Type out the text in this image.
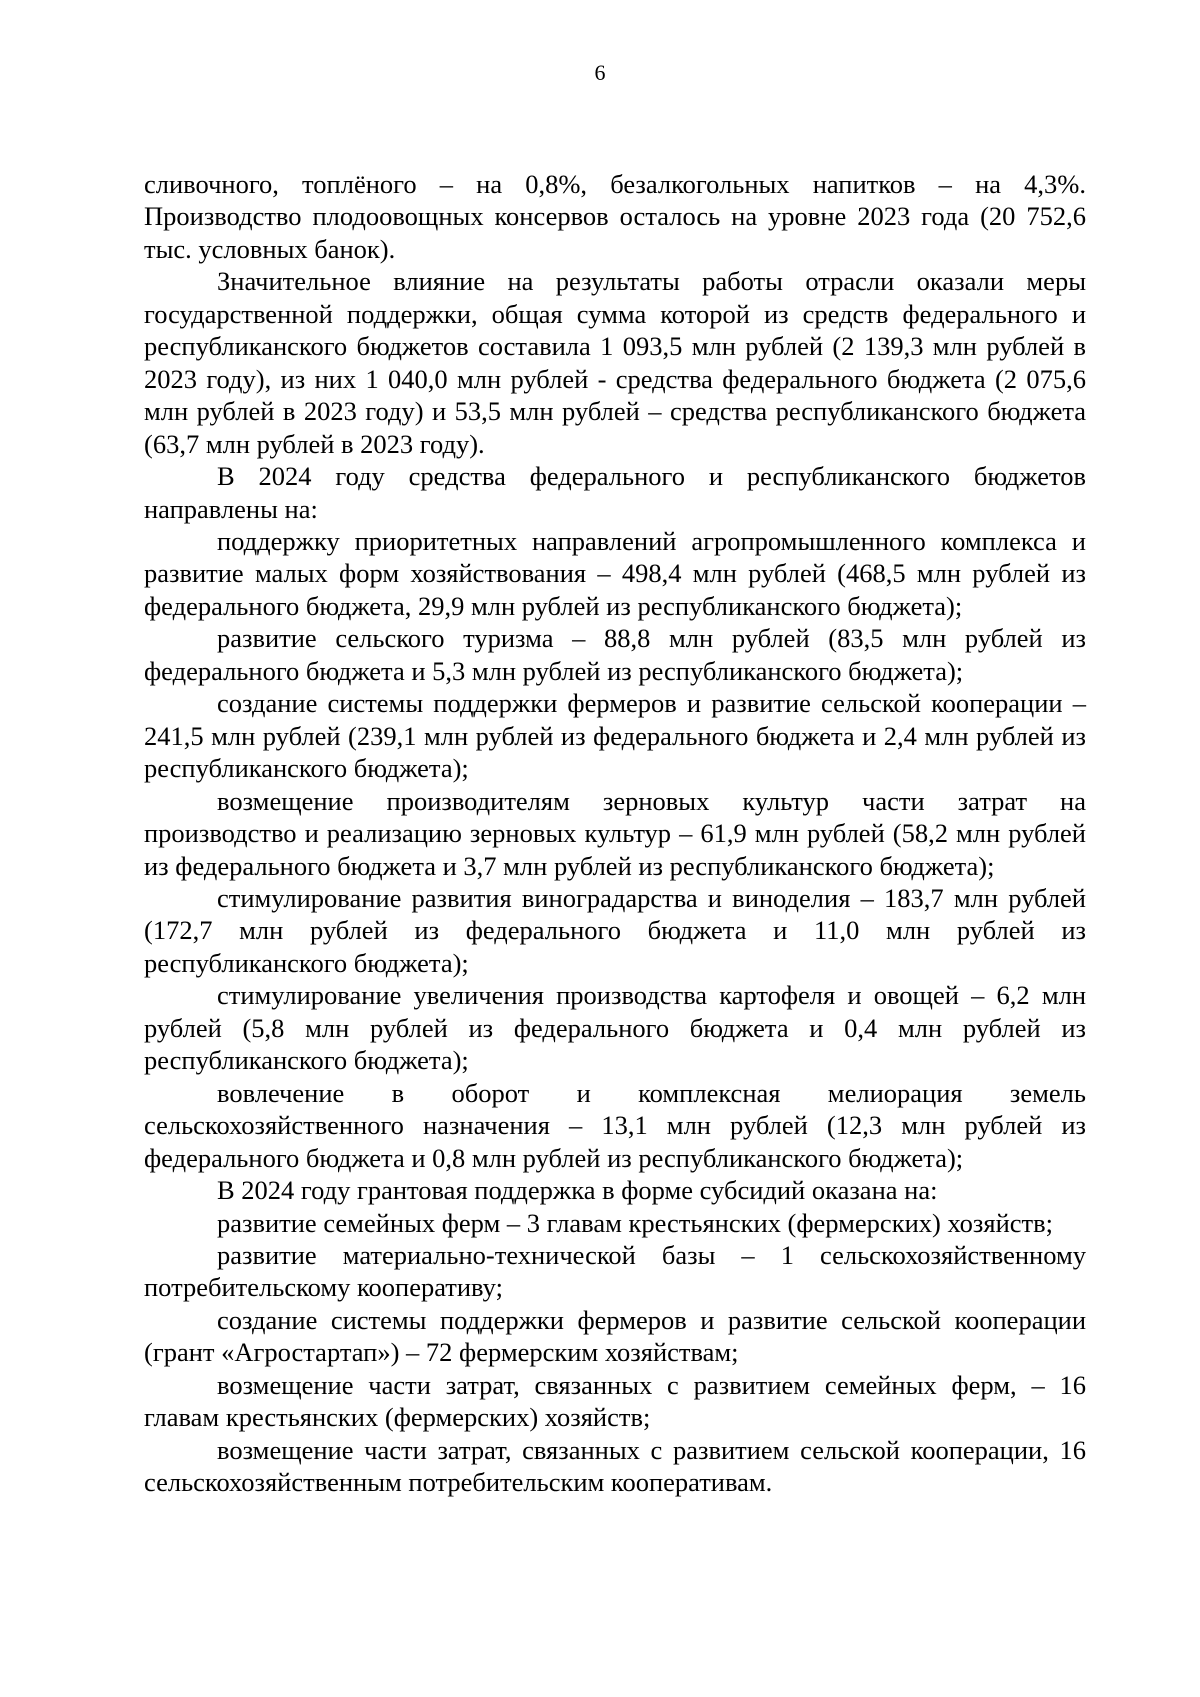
6

сливочного, топлёного – на 0,8%, безалкогольных напитков – на 4,3%. Производство плодоовощных консервов осталось на уровне 2023 года (20 752,6 тыс. условных банок).

Значительное влияние на результаты работы отрасли оказали меры государственной поддержки, общая сумма которой из средств федерального и республиканского бюджетов составила 1 093,5 млн рублей (2 139,3 млн рублей в 2023 году), из них 1 040,0 млн рублей - средства федерального бюджета (2 075,6 млн рублей в 2023 году) и 53,5 млн рублей – средства республиканского бюджета (63,7 млн рублей в 2023 году).

В 2024 году средства федерального и республиканского бюджетов направлены на:

поддержку приоритетных направлений агропромышленного комплекса и развитие малых форм хозяйствования – 498,4 млн рублей (468,5 млн рублей из федерального бюджета, 29,9 млн рублей из республиканского бюджета);

развитие сельского туризма – 88,8 млн рублей (83,5 млн рублей из федерального бюджета и 5,3 млн рублей из республиканского бюджета);

создание системы поддержки фермеров и развитие сельской кооперации – 241,5 млн рублей (239,1 млн рублей из федерального бюджета и 2,4 млн рублей из республиканского бюджета);

возмещение производителям зерновых культур части затрат на производство и реализацию зерновых культур – 61,9 млн рублей (58,2 млн рублей из федерального бюджета и 3,7 млн рублей из республиканского бюджета);

стимулирование развития виноградарства и виноделия – 183,7 млн рублей (172,7 млн рублей из федерального бюджета и 11,0 млн рублей из республиканского бюджета);

стимулирование увеличения производства картофеля и овощей – 6,2 млн рублей (5,8 млн рублей из федерального бюджета и 0,4 млн рублей из республиканского бюджета);

вовлечение в оборот и комплексная мелиорация земель сельскохозяйственного назначения – 13,1 млн рублей (12,3 млн рублей из федерального бюджета и 0,8 млн рублей из республиканского бюджета);

В 2024 году грантовая поддержка в форме субсидий оказана на:

развитие семейных ферм – 3 главам крестьянских (фермерских) хозяйств;

развитие материально-технической базы – 1 сельскохозяйственному потребительскому кооперативу;

создание системы поддержки фермеров и развитие сельской кооперации (грант «Агростартап») – 72 фермерским хозяйствам;

возмещение части затрат, связанных с развитием семейных ферм, – 16 главам крестьянских (фермерских) хозяйств;

возмещение части затрат, связанных с развитием сельской кооперации, 16 сельскохозяйственным потребительским кооперативам.
